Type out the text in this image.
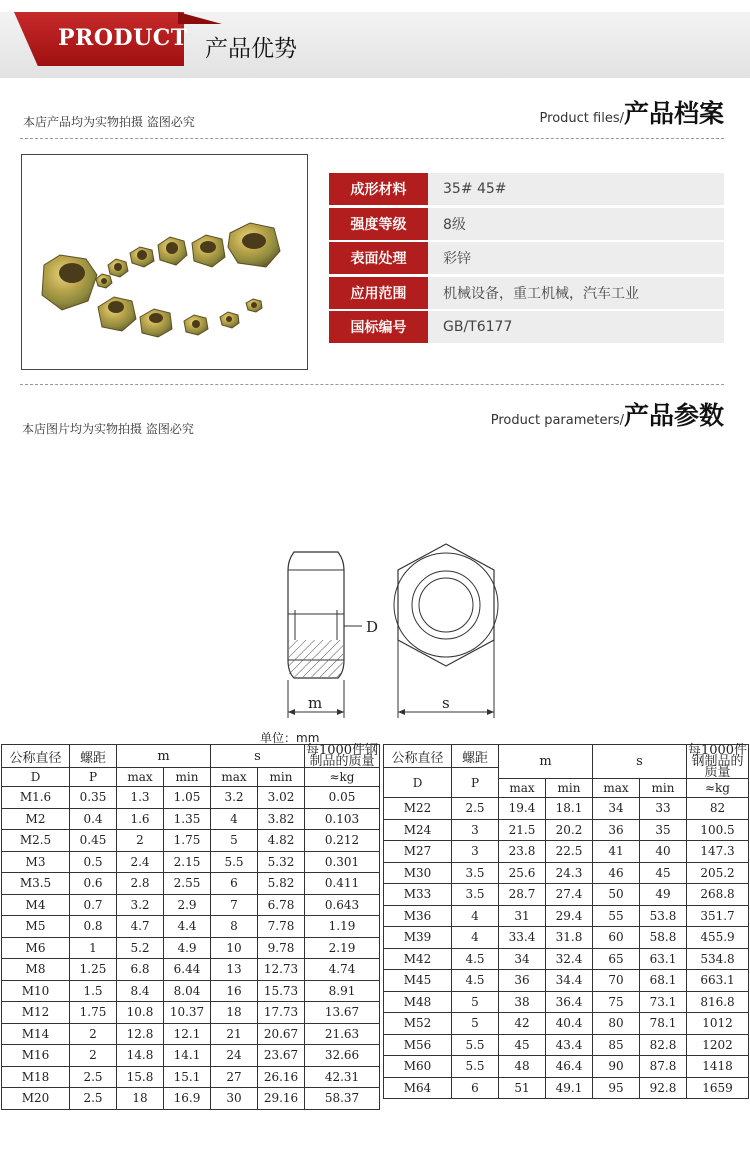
PRODUCT 产品优势
本店产品均为实物拍摄 盗图必究	Product files/产品档案
成形材料	35# 45#
强度等级	8级
表面处理	彩锌
应用范围	机械设备，重工机械，汽车工业
国标编号	GB/T6177
本店图片均为实物拍摄 盗图必究
Product parameters/产品参数
D
m	s
单位：mm
公称直径	螺距	m		s		每1000件钢制品的质量
D	P					
		max	min	max	min	≈kg
M1.6	0.35	1.3	1.05	3.2	3.02	0.05
M2	0.4	1.6	1.35	4	3.82	0.103
M2.5	0.45	2	1.75	5	4.82	0.212
M3	0.5	2.4	2.15	5.5	5.32	0.301
M3.5	0.6	2.8	2.55	6	5.82	0.411
M4	0.7	3.2	2.9	7	6.78	0.643
M5	0.8	4.7	4.4	8	7.78	1.19
M6	1	5.2	4.9	10	9.78	2.19
M8	1.25	6.8	6.44	13	12.73	4.74
M10	1.5	8.4	8.04	16	15.73	8.91
M12	1.75	10.8	10.37	18	17.73	13.67
M14	2	12.8	12.1	21	20.67	21.63
M16	2	14.8	14.1	24	23.67	32.66
M18	2.5	15.8	15.1	27	26.16	42.31
M20	2.5	18	16.9	30	29.16	58.37
公称直径	螺距	m		s		每1000件钢制品的质量
D	P					
		max	min	max	min	≈kg
M22	2.5	19.4	18.1	34	33	82
M24	3	21.5	20.2	36	35	100.5
M27	3	23.8	22.5	41	40	147.3
M30	3.5	25.6	24.3	46	45	205.2
M33	3.5	28.7	27.4	50	49	268.8
M36	4	31	29.4	55	53.8	351.7
M39	4	33.4	31.8	60	58.8	455.9
M42	4.5	34	32.4	65	63.1	534.8
M45	4.5	36	34.4	70	68.1	663.1
M48	5	38	36.4	75	73.1	816.8
M52	5	42	40.4	80	78.1	1012
M56	5.5	45	43.4	85	82.8	1202
M60	5.5	48	46.4	90	87.8	1418
M64	6	51	49.1	95	92.8	1659
